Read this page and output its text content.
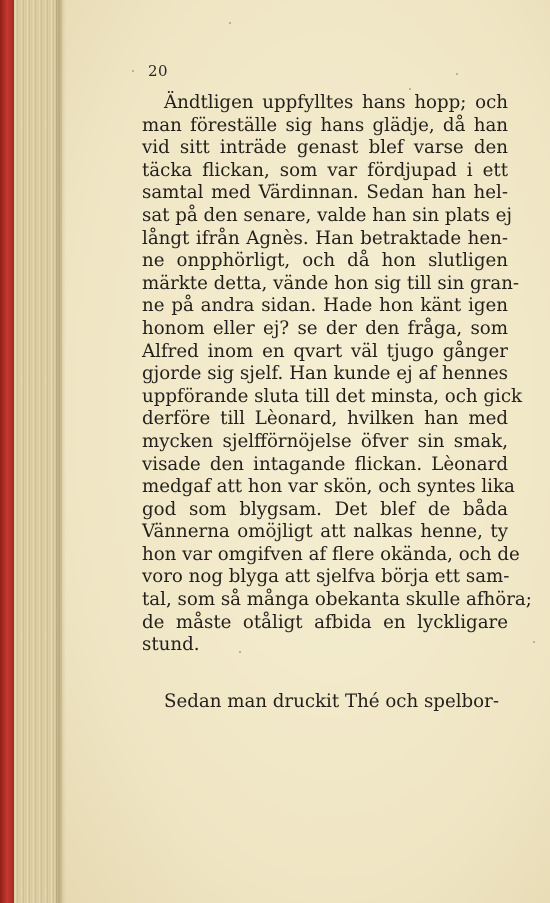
20
Ändtligen uppfylltes hans hopp; och
man föreställe sig hans glädje, då han
vid sitt inträde genast blef varse den
täcka flickan, som var fördjupad i ett
samtal med Värdinnan. Sedan han hel-
sat på den senare, valde han sin plats ej
långt ifrån Agnès. Han betraktade hen-
ne onpphörligt, och då hon slutligen
märkte detta, vände hon sig till sin gran-
ne på andra sidan. Hade hon känt igen
honom eller ej? se der den fråga, som
Alfred inom en qvart väl tjugo gånger
gjorde sig sjelf. Han kunde ej af hennes
uppförande sluta till det minsta, och gick
derföre till Lèonard, hvilken han med
mycken sjelfförnöjelse öfver sin smak,
visade den intagande flickan. Lèonard
medgaf att hon var skön, och syntes lika
god som blygsam. Det blef de båda
Vännerna omöjligt att nalkas henne, ty
hon var omgifven af flere okända, och de
voro nog blyga att sjelfva börja ett sam-
tal, som så många obekanta skulle afhöra;
de måste otåligt afbida en lyckligare
stund.
Sedan man druckit Thé och spelbor-
